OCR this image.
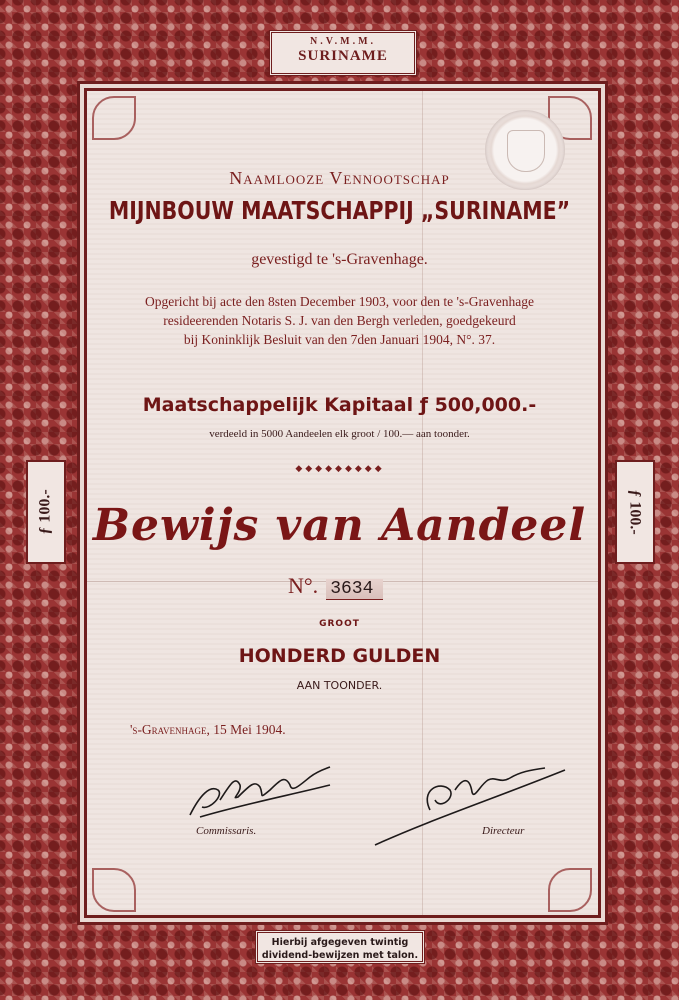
N.V.M.M.
SURINAME
ƒ 100.-	ƒ 100.-
Naamlooze Vennootschap
MIJNBOUW MAATSCHAPPIJ „SURINAME”
gevestigd te 's-Gravenhage.
Opgericht bij acte den 8sten December 1903, voor den te 's-Gravenhage
resideerenden Notaris S. J. van den Bergh verleden, goedgekeurd
bij Koninklijk Besluit van den 7den Januari 1904, N°. 37.
Maatschappelijk Kapitaal ƒ 500,000.-
verdeeld in 5000 Aandeelen elk groot / 100.— aan toonder.
◆◆◆◆◆◆◆◆◆
Bewijs van Aandeel
N°. 3634
GROOT
HONDERD GULDEN
AAN TOONDER.
's-Gravenhage, 15 Mei 1904.
Commissaris.	Directeur
Hierbij afgegeven twintig
dividend-bewijzen met talon.
